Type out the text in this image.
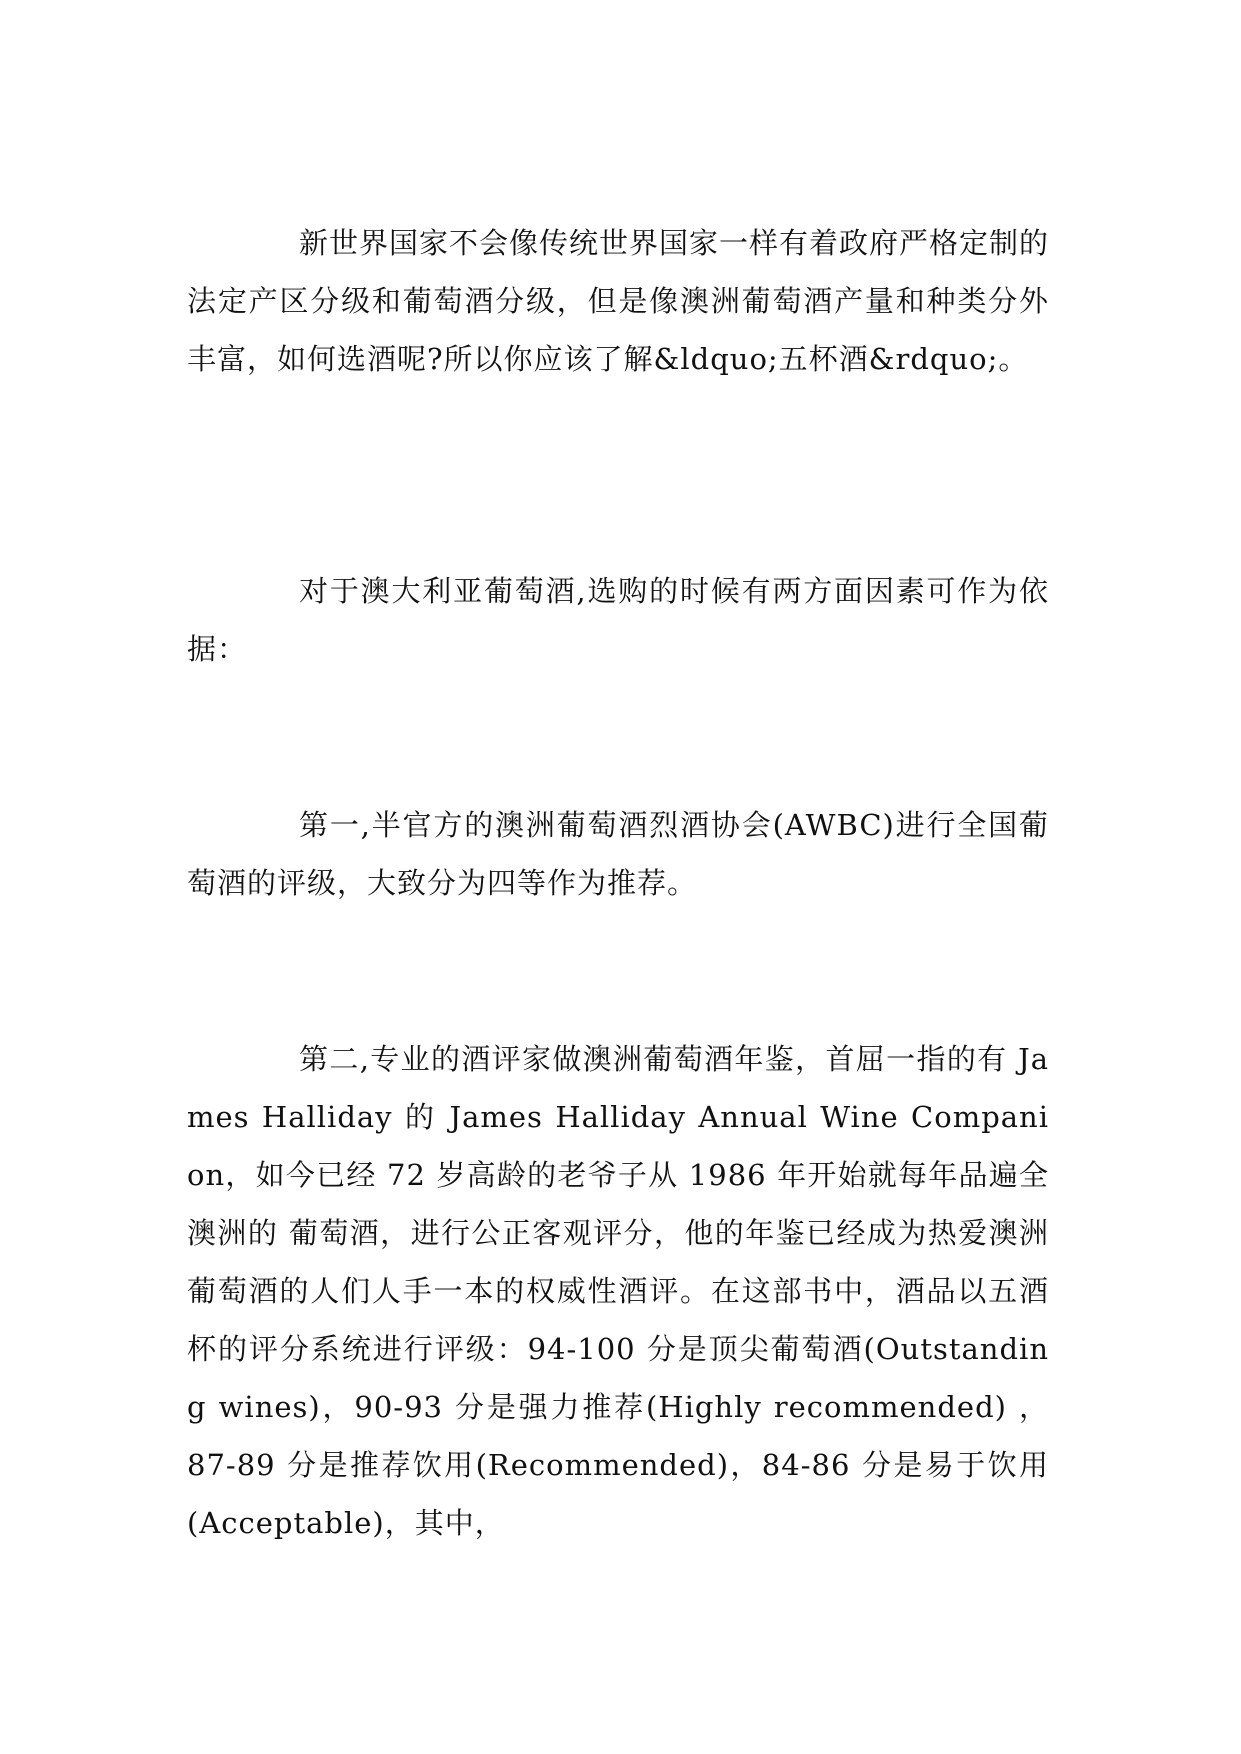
新世界国家不会像传统世界国家一样有着政府严格定制的法定产区分级和葡萄酒分级，但是像澳洲葡萄酒产量和种类分外丰富，如何选酒呢?所以你应该了解&ldquo;五杯酒&rdquo;。

对于澳大利亚葡萄酒,选购的时候有两方面因素可作为依据：

第一,半官方的澳洲葡萄酒烈酒协会(AWBC)进行全国葡萄酒的评级，大致分为四等作为推荐。

第二,专业的酒评家做澳洲葡萄酒年鉴，首屈一指的有 James Halliday 的 James Halliday Annual Wine Companion，如今已经 72 岁高龄的老爷子从 1986 年开始就每年品遍全澳洲的 葡萄酒，进行公正客观评分，他的年鉴已经成为热爱澳洲葡萄酒的人们人手一本的权威性酒评。在这部书中，酒品以五酒杯的评分系统进行评级：94-100 分是顶尖葡萄酒(Outstanding wines)，90-93 分是强力推荐(Highly recommended) ， 87-89 分是推荐饮用(Recommended)，84-86 分是易于饮用(Acceptable)，其中，
